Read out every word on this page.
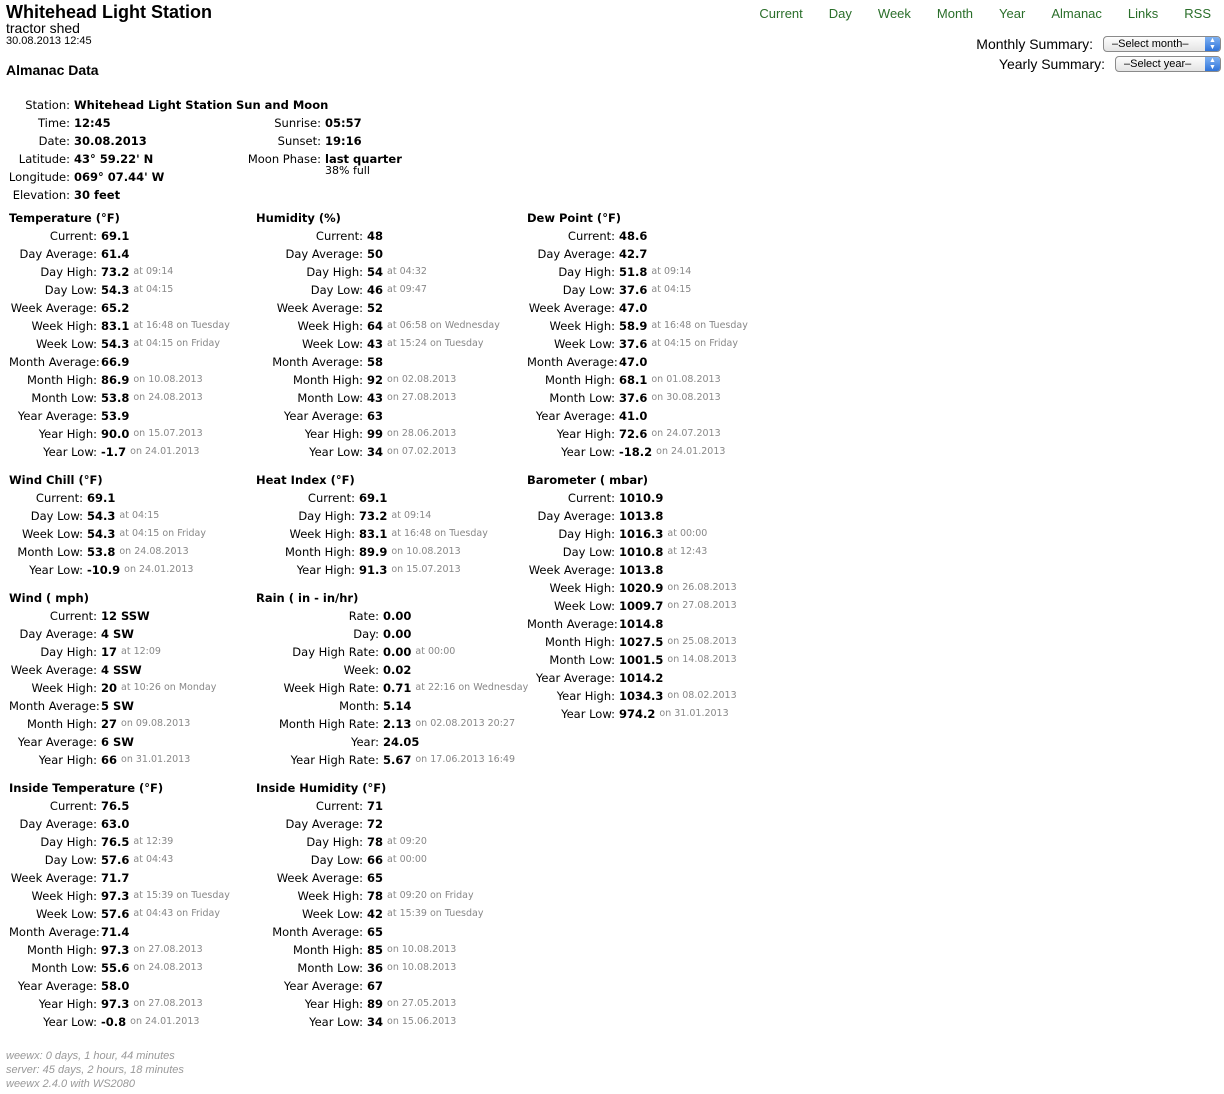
Whitehead Light Station
tractor shed
30.08.2013 12:45
Almanac Data
Current Day Week Month Year Almanac Links RSS
Monthly Summary: –Select month–	▲
▼
Yearly Summary: –Select year–	▲
▼
Station: Whitehead Light Station
Time: 12:45
Date: 30.08.2013
Latitude: 43° 59.22' N
Longitude: 069° 07.44' W
Elevation: 30 feet
Sun and Moon
Sunrise: 05:57
Sunset: 19:16
Moon Phase: last quarter
38% full
Temperature (°F)
Current: 69.1
Day Average: 61.4
Day High: 73.2 at 09:14
Day Low: 54.3 at 04:15
Week Average: 65.2
Week High: 83.1 at 16:48 on Tuesday
Week Low: 54.3 at 04:15 on Friday
Month Average: 66.9
Month High: 86.9 on 10.08.2013
Month Low: 53.8 on 24.08.2013
Year Average: 53.9
Year High: 90.0 on 15.07.2013
Year Low: -1.7 on 24.01.2013
Humidity (%)
Current: 48
Day Average: 50
Day High: 54 at 04:32
Day Low: 46 at 09:47
Week Average: 52
Week High: 64 at 06:58 on Wednesday
Week Low: 43 at 15:24 on Tuesday
Month Average: 58
Month High: 92 on 02.08.2013
Month Low: 43 on 27.08.2013
Year Average: 63
Year High: 99 on 28.06.2013
Year Low: 34 on 07.02.2013
Dew Point (°F)
Current: 48.6
Day Average: 42.7
Day High: 51.8 at 09:14
Day Low: 37.6 at 04:15
Week Average: 47.0
Week High: 58.9 at 16:48 on Tuesday
Week Low: 37.6 at 04:15 on Friday
Month Average: 47.0
Month High: 68.1 on 01.08.2013
Month Low: 37.6 on 30.08.2013
Year Average: 41.0
Year High: 72.6 on 24.07.2013
Year Low: -18.2 on 24.01.2013
Wind Chill (°F)
Current: 69.1
Day Low: 54.3 at 04:15
Week Low: 54.3 at 04:15 on Friday
Month Low: 53.8 on 24.08.2013
Year Low: -10.9 on 24.01.2013
Heat Index (°F)
Current: 69.1
Day High: 73.2 at 09:14
Week High: 83.1 at 16:48 on Tuesday
Month High: 89.9 on 10.08.2013
Year High: 91.3 on 15.07.2013
Barometer ( mbar)
Current: 1010.9
Day Average: 1013.8
Day High: 1016.3 at 00:00
Day Low: 1010.8 at 12:43
Week Average: 1013.8
Week High: 1020.9 on 26.08.2013
Week Low: 1009.7 on 27.08.2013
Month Average: 1014.8
Month High: 1027.5 on 25.08.2013
Month Low: 1001.5 on 14.08.2013
Year Average: 1014.2
Year High: 1034.3 on 08.02.2013
Year Low: 974.2 on 31.01.2013
Wind ( mph)
Current: 12 SSW
Day Average: 4 SW
Day High: 17 at 12:09
Week Average: 4 SSW
Week High: 20 at 10:26 on Monday
Month Average: 5 SW
Month High: 27 on 09.08.2013
Year Average: 6 SW
Year High: 66 on 31.01.2013
Rain ( in - in/hr)
Rate: 0.00
Day: 0.00
Day High Rate: 0.00 at 00:00
Week: 0.02
Week High Rate: 0.71 at 22:16 on Wednesday
Month: 5.14
Month High Rate: 2.13 on 02.08.2013 20:27
Year: 24.05
Year High Rate: 5.67 on 17.06.2013 16:49
Inside Temperature (°F)
Current: 76.5
Day Average: 63.0
Day High: 76.5 at 12:39
Day Low: 57.6 at 04:43
Week Average: 71.7
Week High: 97.3 at 15:39 on Tuesday
Week Low: 57.6 at 04:43 on Friday
Month Average: 71.4
Month High: 97.3 on 27.08.2013
Month Low: 55.6 on 24.08.2013
Year Average: 58.0
Year High: 97.3 on 27.08.2013
Year Low: -0.8 on 24.01.2013
Inside Humidity (°F)
Current: 71
Day Average: 72
Day High: 78 at 09:20
Day Low: 66 at 00:00
Week Average: 65
Week High: 78 at 09:20 on Friday
Week Low: 42 at 15:39 on Tuesday
Month Average: 65
Month High: 85 on 10.08.2013
Month Low: 36 on 10.08.2013
Year Average: 67
Year High: 89 on 27.05.2013
Year Low: 34 on 15.06.2013
weewx: 0 days, 1 hour, 44 minutes
server: 45 days, 2 hours, 18 minutes
weewx 2.4.0 with WS2080
